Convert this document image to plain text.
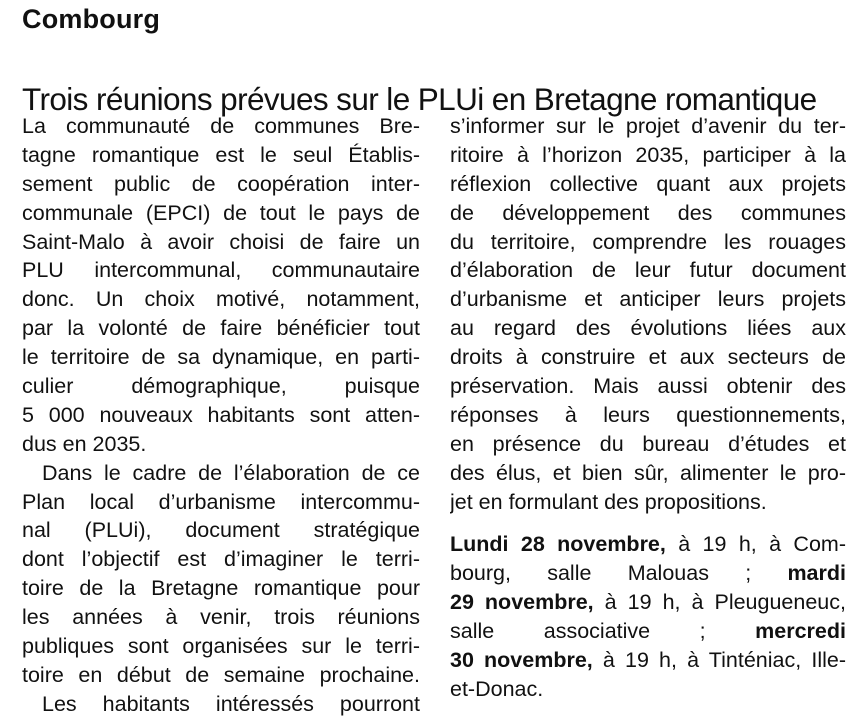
Combourg
Trois réunions prévues sur le PLUi en Bretagne romantique
La communauté de communes Bre-
tagne romantique est le seul Établis-
sement public de coopération inter-
communale (EPCI) de tout le pays de
Saint-Malo à avoir choisi de faire un
PLU intercommunal, communautaire
donc. Un choix motivé, notamment,
par la volonté de faire bénéficier tout
le territoire de sa dynamique, en parti-
culier démographique, puisque
5 000 nouveaux habitants sont atten-
dus en 2035.
Dans le cadre de l’élaboration de ce
Plan local d’urbanisme intercommu-
nal (PLUi), document stratégique
dont l’objectif est d’imaginer le terri-
toire de la Bretagne romantique pour
les années à venir, trois réunions
publiques sont organisées sur le terri-
toire en début de semaine prochaine.
Les habitants intéressés pourront
s’informer sur le projet d’avenir du ter-
ritoire à l’horizon 2035, participer à la
réflexion collective quant aux projets
de développement des communes
du territoire, comprendre les rouages
d’élaboration de leur futur document
d’urbanisme et anticiper leurs projets
au regard des évolutions liées aux
droits à construire et aux secteurs de
préservation. Mais aussi obtenir des
réponses à leurs questionnements,
en présence du bureau d’études et
des élus, et bien sûr, alimenter le pro-
jet en formulant des propositions.
Lundi 28 novembre, à 19 h, à Com-
bourg, salle Malouas ; mardi
29 novembre, à 19 h, à Pleugueneuc,
salle associative ; mercredi
30 novembre, à 19 h, à Tinténiac, Ille-
et-Donac.
